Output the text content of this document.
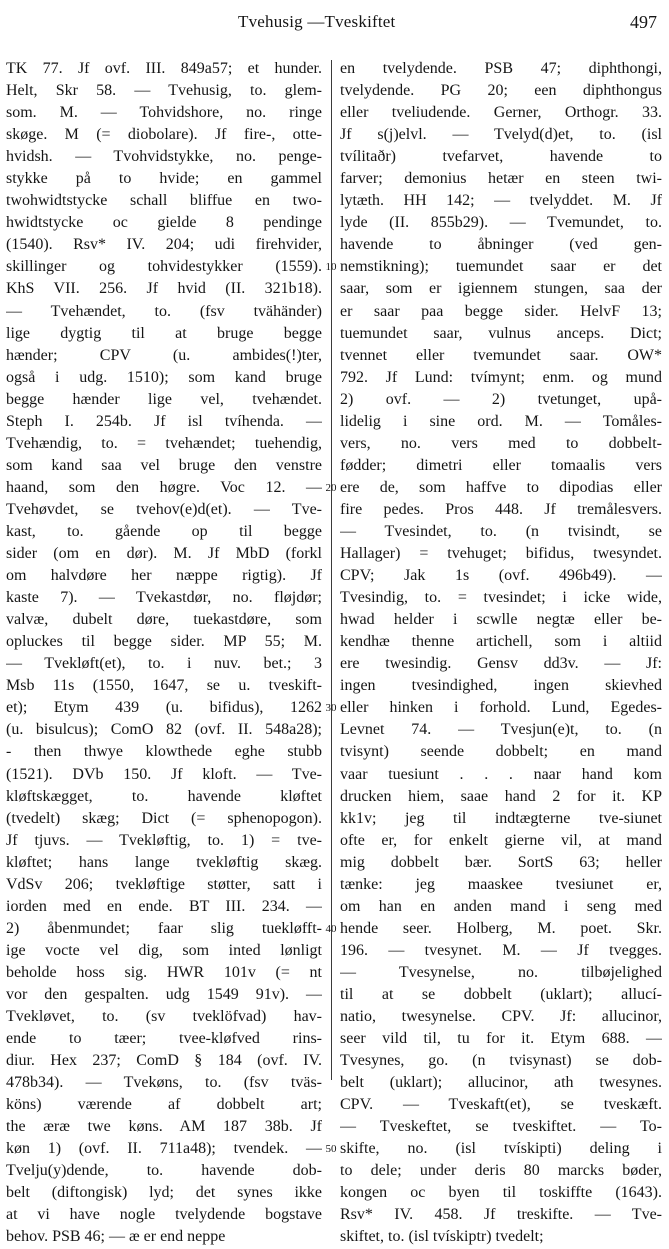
Tvehusig —Tveskiftet	497
TK 77. Jf ovf. III. 849a57; et hunder.
Helt, Skr 58. — Tvehusig, to. glem-
som. M. — Tohvidshore, no. ringe
skøge. M (= diobolare). Jf fire-, otte-
hvidsh. — Tvohvidstykke, no. penge-
stykke på to hvide; en gammel
twohwidtstycke schall bliffue en two-
hwidtstycke oc gielde 8 pendinge
(1540). Rsv* IV. 204; udi firehvider,
skillinger og tohvidestykker (1559).
KhS VII. 256. Jf hvid (II. 321b18).
— Tvehændet, to. (fsv tvähänder)
lige dygtig til at bruge begge
hænder; CPV (u. ambides(!)ter,
også i udg. 1510); som kand bruge
begge hænder lige vel, tvehændet.
Steph I. 254b. Jf isl tvíhenda. —
Tvehændig, to. = tvehændet; tuehendig,
som kand saa vel bruge den venstre
haand, som den høgre. Voc 12. —
Tvehøvdet, se tvehov(e)d(et). — Tve-
kast, to. gående op til begge
sider (om en dør). M. Jf MbD (forkl
om halvdøre her næppe rigtig). Jf
kaste 7). — Tvekastdør, no. fløjdør;
valvæ, dubelt døre, tuekastdøre, som
opluckes til begge sider. MP 55; M.
— Tvekløft(et), to. i nuv. bet.; 3
Msb 11s (1550, 1647, se u. tveskift-
et); Etym 439 (u. bifidus), 1262
(u. bisulcus); ComO 82 (ovf. II. 548a28);
- then thwye klowthede eghe stubb
(1521). DVb 150. Jf kloft. — Tve-
kløftskægget, to. havende kløftet
(tvedelt) skæg; Dict (= sphenopogon).
Jf tjuvs. — Tvekløftig, to. 1) = tve-
kløftet; hans lange tvekløftig skæg.
VdSv 206; tvekløftige støtter, satt i
iorden med en ende. BT III. 234. —
2) åbenmundet; faar slig tuekløfft-
ige vocte vel dig, som inted lønligt
beholde hoss sig. HWR 101v (= nt
vor den gespalten. udg 1549 91v). —
Tvekløvet, to. (sv tveklöfvad) hav-
ende to tæer; tvee-kløfved rins-
diur. Hex 237; ComD § 184 (ovf. IV.
478b34). — Tvekøns, to. (fsv tväs-
köns) værende af dobbelt art;
the æræ twe køns. AM 187 38b. Jf
køn 1) (ovf. II. 711a48); tvendek. —
Tvelju(y)dende, to. havende dob-
belt (diftongisk) lyd; det synes ikke
at vi have nogle tvelydende bogstave
behov. PSB 46; — æ er end neppe
en tvelydende. PSB 47; diphthongi,
tvelydende. PG 20; een diphthongus
eller tveliudende. Gerner, Orthogr. 33.
Jf s(j)elvl. — Tvelyd(d)et, to. (isl
tvílitaðr) tvefarvet, havende to
farver; demonius hetær en steen twi-
lytæth. HH 142; — tvelyddet. M. Jf
lyde (II. 855b29). — Tvemundet, to.
havende to åbninger (ved gen-
nemstikning); tuemundet saar er det
saar, som er igiennem stungen, saa der
er saar paa begge sider. HelvF 13;
tuemundet saar, vulnus anceps. Dict;
tvennet eller tvemundet saar. OW*
792. Jf Lund: tvímynt; enm. og mund
2) ovf. — 2) tvetunget, upå-
lidelig i sine ord. M. — Tomåles-
vers, no. vers med to dobbelt-
fødder; dimetri eller tomaalis vers
ere de, som haffve to dipodias eller
fire pedes. Pros 448. Jf tremålesvers.
— Tvesindet, to. (n tvisindt, se
Hallager) = tvehuget; bifidus, twesyndet.
CPV; Jak 1s (ovf. 496b49). —
Tvesindig, to. = tvesindet; i icke wide,
hwad helder i scwlle negtæ eller be-
kendhæ thenne artichell, som i altiid
ere twesindig. Gensv dd3v. — Jf:
ingen tvesindighed, ingen skievhed
eller hinken i forhold. Lund, Egedes-
Levnet 74. — Tvesjun(e)t, to. (n
tvisynt) seende dobbelt; en mand
vaar tuesiunt . . . naar hand kom
drucken hiem, saae hand 2 for it. KP
kk1v; jeg til indtægterne tve-siunet
ofte er, for enkelt gierne vil, at mand
mig dobbelt bær. SortS 63; heller
tænke: jeg maaskee tvesiunet er,
om han en anden mand i seng med
hende seer. Holberg, M. poet. Skr.
196. — tvesynet. M. — Jf tvegges.
— Tvesynelse, no. tilbøjelighed
til at se dobbelt (uklart); allucí-
natio, twesynelse. CPV. Jf: allucinor,
seer vild til, tu for it. Etym 688. —
Tvesynes, go. (n tvisynast) se dob-
belt (uklart); allucinor, ath twesynes.
CPV. — Tveskaft(et), se tveskæft.
— Tveskeftet, se tveskiftet. — To-
skifte, no. (isl tvískipti) deling i
to dele; under deris 80 marcks bøder,
kongen oc byen til toskiffte (1643).
Rsv* IV. 458. Jf treskifte. — Tve-
skiftet, to. (isl tvískiptr) tvedelt;
10
20
30
40
50
